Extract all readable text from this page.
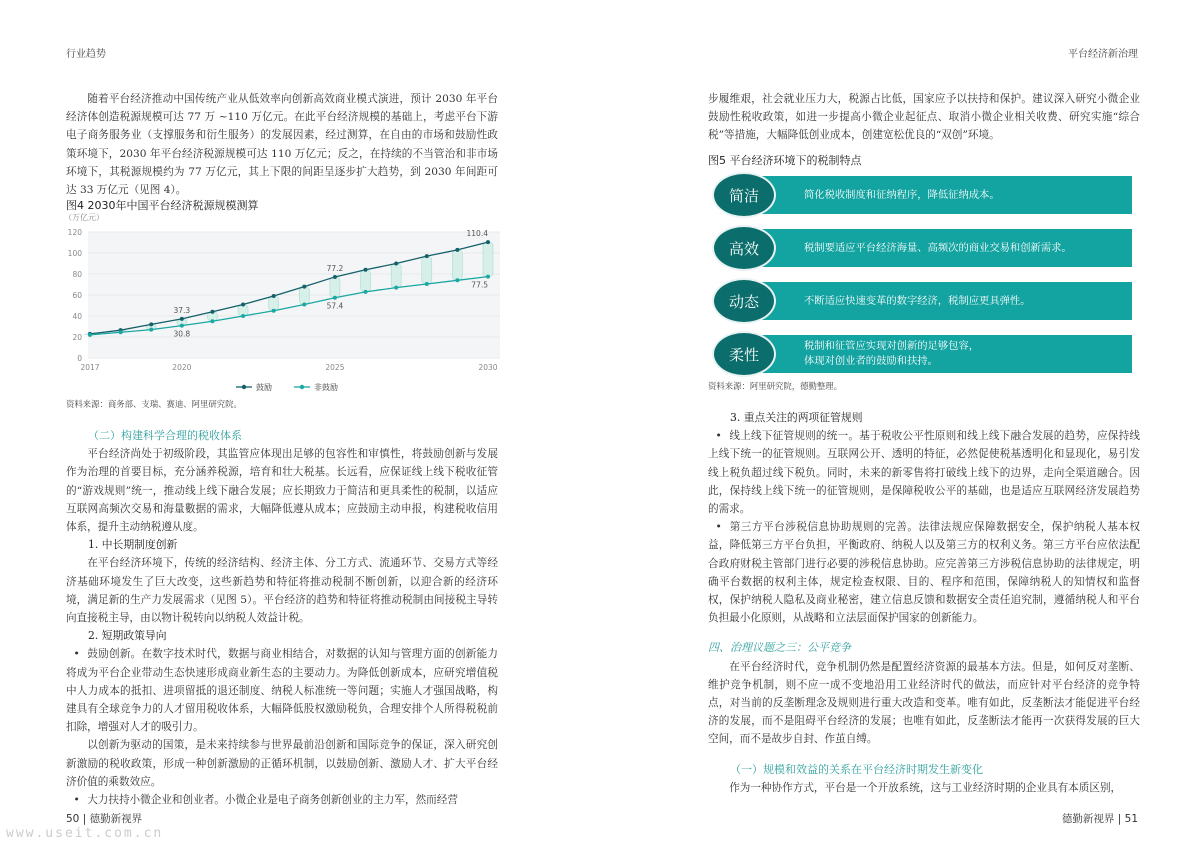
行业趋势	平台经济新治理

随着平台经济推动中国传统产业从低效率向创新高效商业模式演进，预计 2030 年平台经济体创造税源规模可达 77 万 ~110 万亿元。在此平台经济规模的基础上，考虑平台下游电子商务服务业（支撑服务和衍生服务）的发展因素，经过测算，在自由的市场和鼓励性政策环境下，2030 年平台经济税源规模可达 110 万亿元；反之，在持续的不当管治和非市场环境下，其税源规模约为 77 万亿元，其上下限的间距呈逐步扩大趋势，到 2030 年间距可达 33 万亿元（见图 4）。

图4 2030年中国平台经济税源规模测算
（万亿元）
0
20
40
60
80
100
120
2017	2020	2025	2030
37.3
77.2
110.4
30.8
57.4
77.5
鼓励	非鼓励
资料来源：商务部、支瑞、赛迪、阿里研究院。

（二）构建科学合理的税收体系

平台经济尚处于初级阶段，其监管应体现出足够的包容性和审慎性，将鼓励创新与发展作为治理的首要目标，充分涵养税源，培育和壮大税基。长远看，应保证线上线下税收征管的“游戏规则”统一，推动线上线下融合发展；应长期致力于简洁和更具柔性的税制，以适应互联网高频次交易和海量數据的需求，大幅降低遵从成本；应鼓励主动申报，构建税收信用体系，提升主动纳税遵从度。

1. 中长期制度创新

在平台经济环境下，传统的经济结构、经济主体、分工方式、流通环节、交易方式等经济基础环境发生了巨大改变，这些新趋势和特征将推动税制不断创新，以迎合新的经济环境，满足新的生产力发展需求（见图 5）。平台经济的趋势和特征将推动税制由间接税主导转向直接税主导，由以物计税转向以纳税人效益计税。

2. 短期政策导向

• 鼓励创新。在数字技术时代，数据与商业相结合，对数据的认知与管理方面的创新能力将成为平台企业带动生态快速形成商业新生态的主要动力。为降低创新成本，应研究增值税中人力成本的抵扣、进项留抵的退还制度、纳税人标准统一等问题；实施人才强国战略，构建具有全球竞争力的人才留用税收体系，大幅降低股权激励税负，合理安排个人所得税税前扣除，增强对人才的吸引力。

以创新为驱动的国策，是未来持续参与世界最前沿创新和国际竞争的保证，深入研究创新激励的税收政策，形成一种创新激励的正循环机制，以鼓励创新、激励人才、扩大平台经济价值的乘数效应。

• 大力扶持小微企业和创业者。小微企业是电子商务创新创业的主力军，然而经营

步履维艰，社会就业压力大，税源占比低，国家应予以扶持和保护。建议深入研究小微企业鼓励性税收政策，如进一步提高小微企业起征点、取消小微企业相关收费、研究实施“综合税”等措施，大幅降低创业成本，创建宽松优良的“双创”环境。

图5 平台经济环境下的税制特点
简化税收制度和征纳程序，降低征纳成本。
简洁
税制要适应平台经济海量、高频次的商业交易和创新需求。
高效
不断适应快速变革的数字经济，税制应更具弹性。
动态
税制和征管应实现对创新的足够包容，
体现对创业者的鼓励和扶持。
柔性
资料来源：阿里研究院，德勤整理。

3. 重点关注的两项征管规则

• 线上线下征管规则的统一。基于税收公平性原则和线上线下融合发展的趋势，应保持线上线下统一的征管规则。互联网公开、透明的特征，必然促使税基透明化和显现化，易引发线上税负超过线下税负。同时，未来的新零售将打破线上线下的边界，走向全渠道融合。因此，保持线上线下统一的征管规则，是保障税收公平的基础，也是适应互联网经济发展趋势的需求。

• 第三方平台涉税信息协助规则的完善。法律法规应保障数据安全，保护纳税人基本权益，降低第三方平台负担，平衡政府、纳税人以及第三方的权利义务。第三方平台应依法配合政府财税主管部门进行必要的涉税信息协助。应完善第三方涉税信息协助的法律规定，明确平台数据的权利主体，规定检查权限、目的、程序和范围，保障纳税人的知情权和监督权，保护纳税人隐私及商业秘密，建立信息反馈和数据安全责任追究制，遵循纳税人和平台负担最小化原则，从战略和立法层面保护国家的创新能力。

四、治理议题之三：公平竞争

在平台经济时代，竞争机制仍然是配置经济资源的最基本方法。但是，如何反对垄断、维护竞争机制，则不应一成不变地沿用工业经济时代的做法，而应针对平台经济的竞争特点，对当前的反垄断理念及规则进行重大改造和变革。唯有如此，反垄断法才能促进平台经济的发展，而不是阻碍平台经济的发展；也唯有如此，反垄断法才能再一次获得发展的巨大空间，而不是故步自封、作茧自缚。

（一）规模和效益的关系在平台经济时期发生新变化

作为一种协作方式，平台是一个开放系统，这与工业经济时期的企业具有本质区别，

50 | 德勤新视界	德勤新视界 | 51
www.useit.com.cn
